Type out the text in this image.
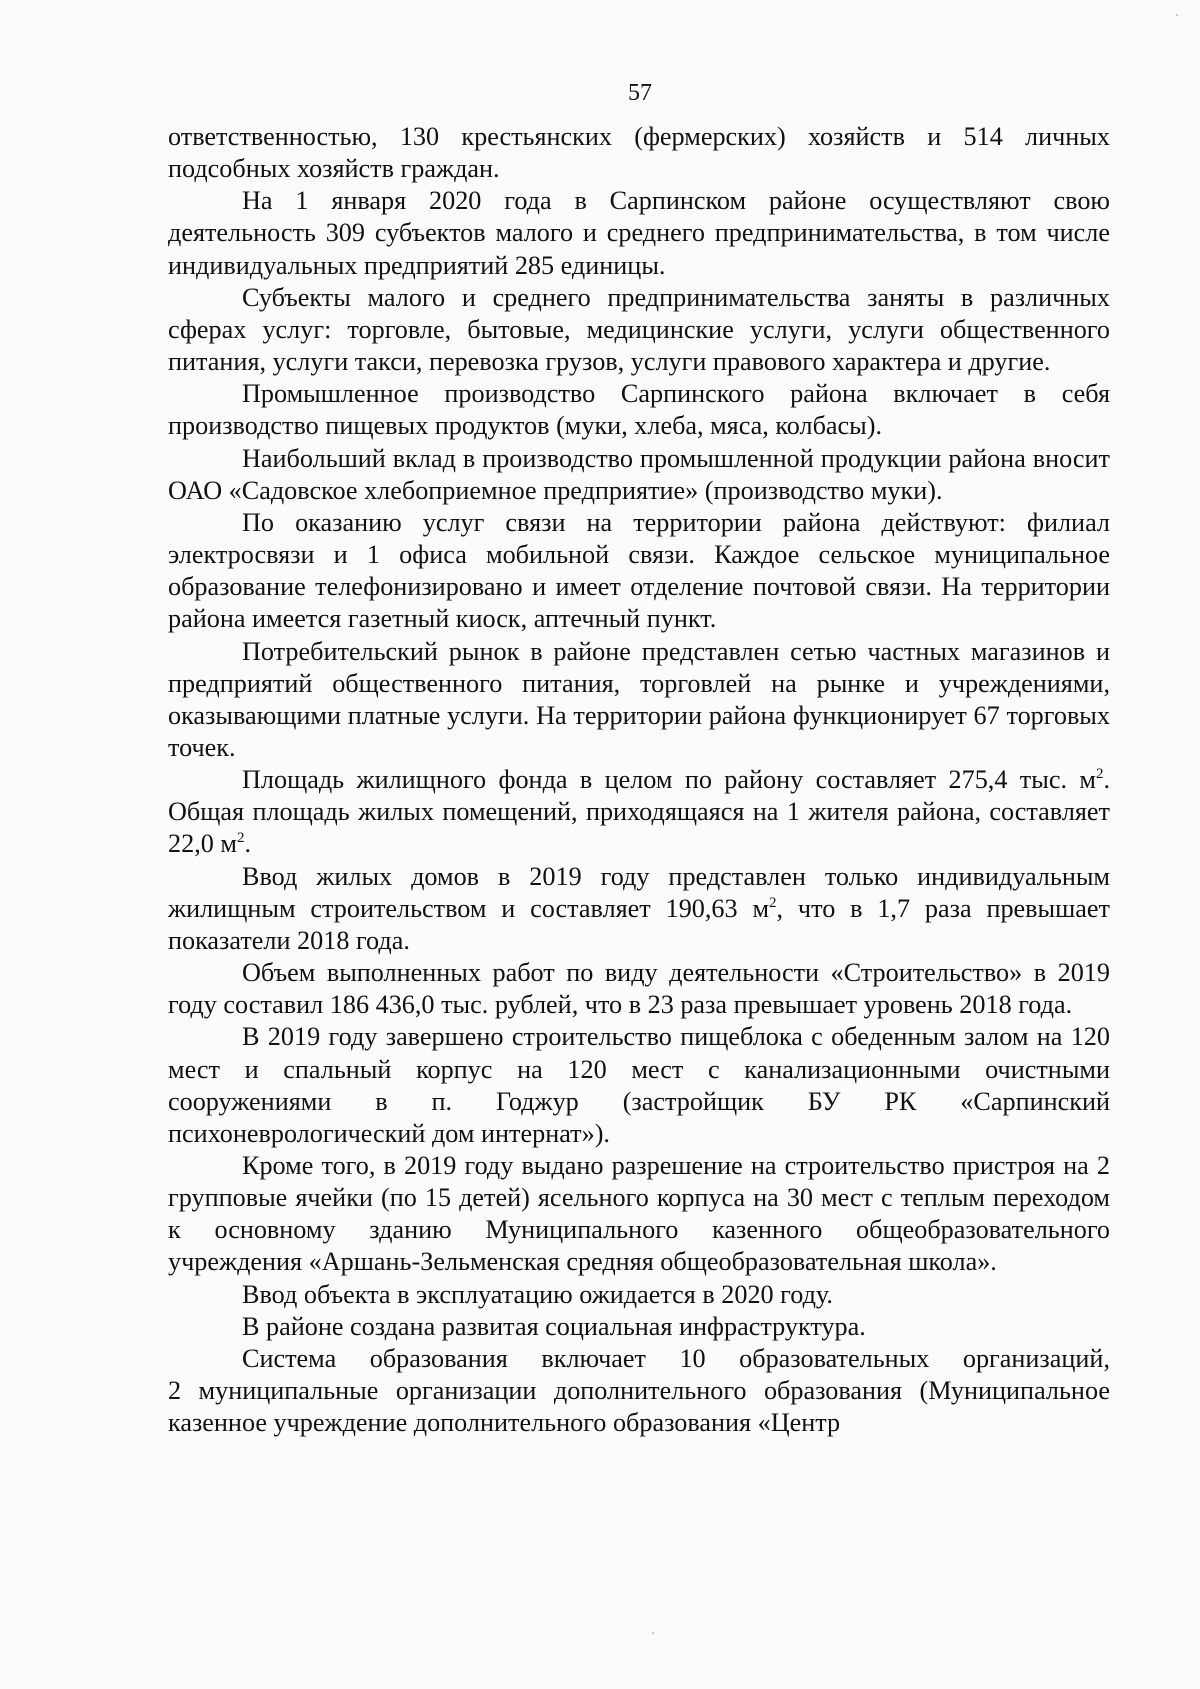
57

ответственностью, 130 крестьянских (фермерских) хозяйств и 514 личных подсобных хозяйств граждан.

На 1 января 2020 года в Сарпинском районе осуществляют свою деятельность 309 субъектов малого и среднего предпринимательства, в том числе индивидуальных предприятий 285 единицы.

Субъекты малого и среднего предпринимательства заняты в различных сферах услуг: торговле, бытовые, медицинские услуги, услуги общественного питания, услуги такси, перевозка грузов, услуги правового характера и другие.

Промышленное производство Сарпинского района включает в себя производство пищевых продуктов (муки, хлеба, мяса, колбасы).

Наибольший вклад в производство промышленной продукции района вносит ОАО «Садовское хлебоприемное предприятие» (производство муки).

По оказанию услуг связи на территории района действуют: филиал электросвязи и 1 офиса мобильной связи. Каждое сельское муниципальное образование телефонизировано и имеет отделение почтовой связи. На территории района имеется газетный киоск, аптечный пункт.

Потребительский рынок в районе представлен сетью частных магазинов и предприятий общественного питания, торговлей на рынке и учреждениями, оказывающими платные услуги. На территории района функционирует 67 торговых точек.

Площадь жилищного фонда в целом по району составляет 275,4 тыс. $м^2$. Общая площадь жилых помещений, приходящаяся на 1 жителя района, составляет 22,0 $м^2$.

Ввод жилых домов в 2019 году представлен только индивидуальным жилищным строительством и составляет 190,63 $м^2$, что в 1,7 раза превышает показатели 2018 года.

Объем выполненных работ по виду деятельности «Строительство» в 2019 году составил 186 436,0 тыс. рублей, что в 23 раза превышает уровень 2018 года.

В 2019 году завершено строительство пищеблока с обеденным залом на 120 мест и спальный корпус на 120 мест с канализационными очистными сооружениями в п. Годжур (застройщик БУ РК «Сарпинский психоневрологический дом интернат»).

Кроме того, в 2019 году выдано разрешение на строительство пристроя на 2 групповые ячейки (по 15 детей) ясельного корпуса на 30 мест с теплым переходом к основному зданию Муниципального казенного общеобразовательного учреждения «Аршань-Зельменская средняя общеобразовательная школа».

Ввод объекта в эксплуатацию ожидается в 2020 году.

В районе создана развитая социальная инфраструктура.

Система образования включает 10 образовательных организаций,

2 муниципальные организации дополнительного образования (Муниципальное казенное учреждение дополнительного образования «Центр
